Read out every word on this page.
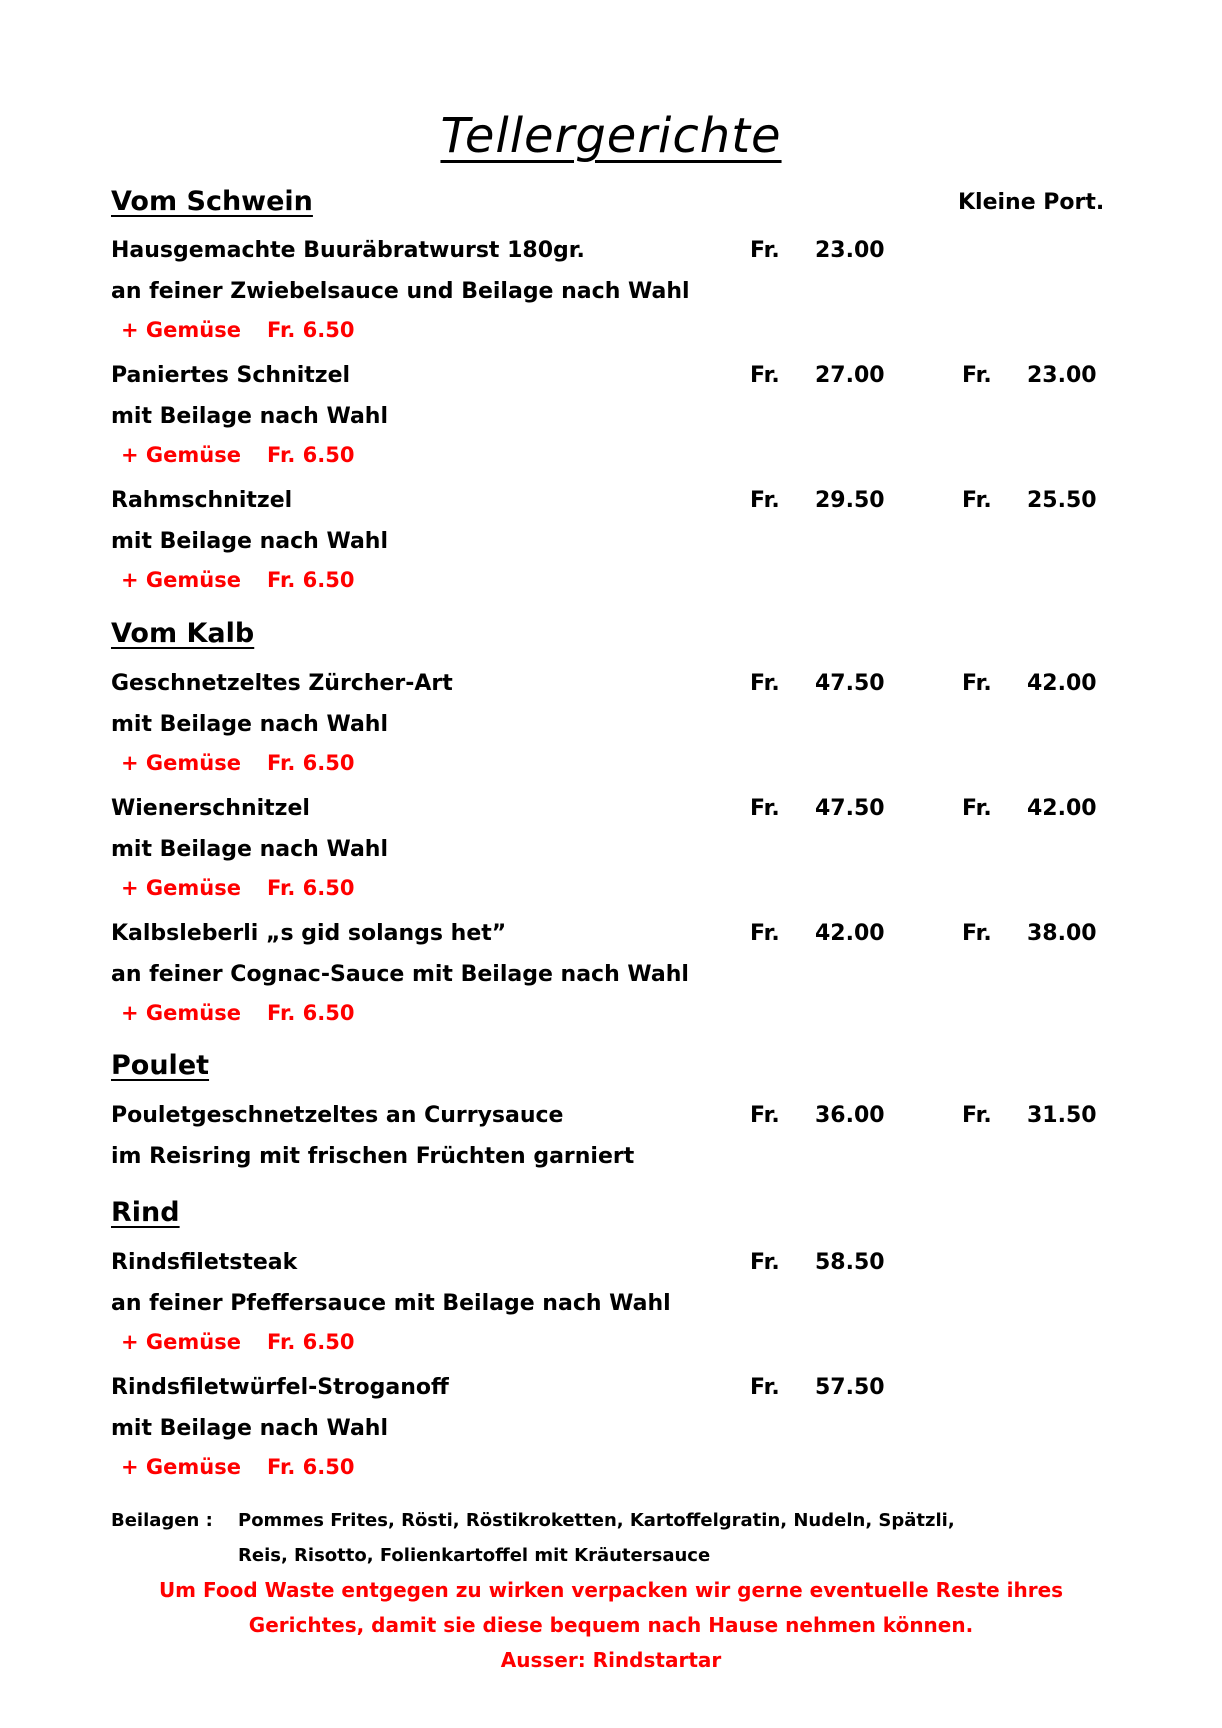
Tellergerichte
Kleine Port.
Vom Schwein
Hausgemachte Buuräbratwurst 180gr.	Fr. 23.00
an feiner Zwiebelsauce und Beilage nach Wahl
+ Gemüse Fr. 6.50
Paniertes Schnitzel	Fr. 27.00	Fr. 23.00
mit Beilage nach Wahl
+ Gemüse Fr. 6.50
Rahmschnitzel	Fr. 29.50	Fr. 25.50
mit Beilage nach Wahl
+ Gemüse Fr. 6.50
Vom Kalb
Geschnetzeltes Zürcher-Art	Fr. 47.50	Fr. 42.00
mit Beilage nach Wahl
+ Gemüse Fr. 6.50
Wienerschnitzel	Fr. 47.50	Fr. 42.00
mit Beilage nach Wahl
+ Gemüse Fr. 6.50
Kalbsleberli „s gid solangs het”	Fr. 42.00	Fr. 38.00
an feiner Cognac-Sauce mit Beilage nach Wahl
+ Gemüse Fr. 6.50
Poulet
Pouletgeschnetzeltes an Currysauce	Fr. 36.00	Fr. 31.50
im Reisring mit frischen Früchten garniert
Rind
Rindsfiletsteak	Fr. 58.50
an feiner Pfeffersauce mit Beilage nach Wahl
+ Gemüse Fr. 6.50
Rindsfiletwürfel-Stroganoff	Fr. 57.50
mit Beilage nach Wahl
+ Gemüse Fr. 6.50
Beilagen : Pommes Frites, Rösti, Röstikroketten, Kartoffelgratin, Nudeln, Spätzli,
Reis, Risotto, Folienkartoffel mit Kräutersauce
Um Food Waste entgegen zu wirken verpacken wir gerne eventuelle Reste ihres
Gerichtes, damit sie diese bequem nach Hause nehmen können.
Ausser: Rindstartar
